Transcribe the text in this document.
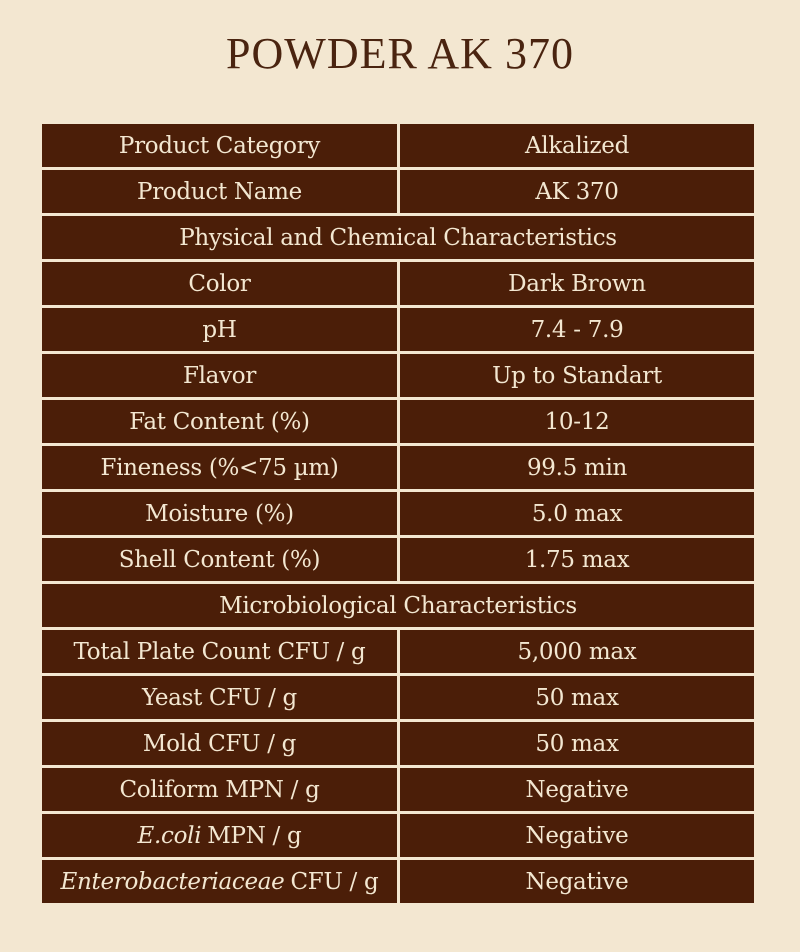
POWDER AK 370
Product Category	Alkalized
Product Name	AK 370
Physical and Chemical Characteristics
Color	Dark Brown
pH	7.4 - 7.9
Flavor	Up to Standart
Fat Content (%)	10-12
Fineness (%<75 µm)	99.5 min
Moisture (%)	5.0 max
Shell Content (%)	1.75 max
Microbiological Characteristics
Total Plate Count CFU / g	5,000 max
Yeast CFU / g	50 max
Mold CFU / g	50 max
Coliform MPN / g	Negative
E.coli MPN / g	Negative
Enterobacteriaceae CFU / g	Negative
